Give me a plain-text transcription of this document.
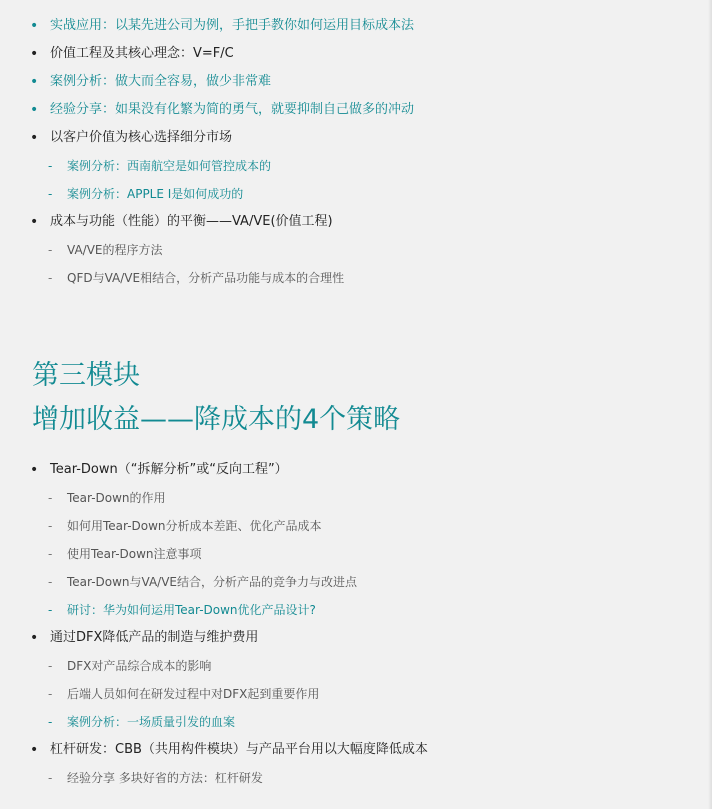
• 实战应用：以某先进公司为例，手把手教你如何运用目标成本法
• 价值工程及其核心理念：V=F/C
• 案例分析：做大而全容易，做少非常难
• 经验分享：如果没有化繁为简的勇气，就要抑制自己做多的冲动
• 以客户价值为核心选择细分市场
- 案例分析：西南航空是如何管控成本的
- 案例分析：APPLE I是如何成功的
• 成本与功能（性能）的平衡——VA/VE(价值工程)
- VA/VE的程序方法
- QFD与VA/VE相结合，分析产品功能与成本的合理性
第三模块
增加收益——降成本的4个策略
• Tear-Down（“拆解分析”或“反向工程”）
- Tear-Down的作用
- 如何用Tear-Down分析成本差距、优化产品成本
- 使用Tear-Down注意事项
- Tear-Down与VA/VE结合，分析产品的竞争力与改进点
- 研讨：华为如何运用Tear-Down优化产品设计?
• 通过DFX降低产品的制造与维护费用
- DFX对产品综合成本的影响
- 后端人员如何在研发过程中对DFX起到重要作用
- 案例分析：一场质量引发的血案
• 杠杆研发：CBB（共用构件模块）与产品平台用以大幅度降低成本
- 经验分享 多块好省的方法：杠杆研发
